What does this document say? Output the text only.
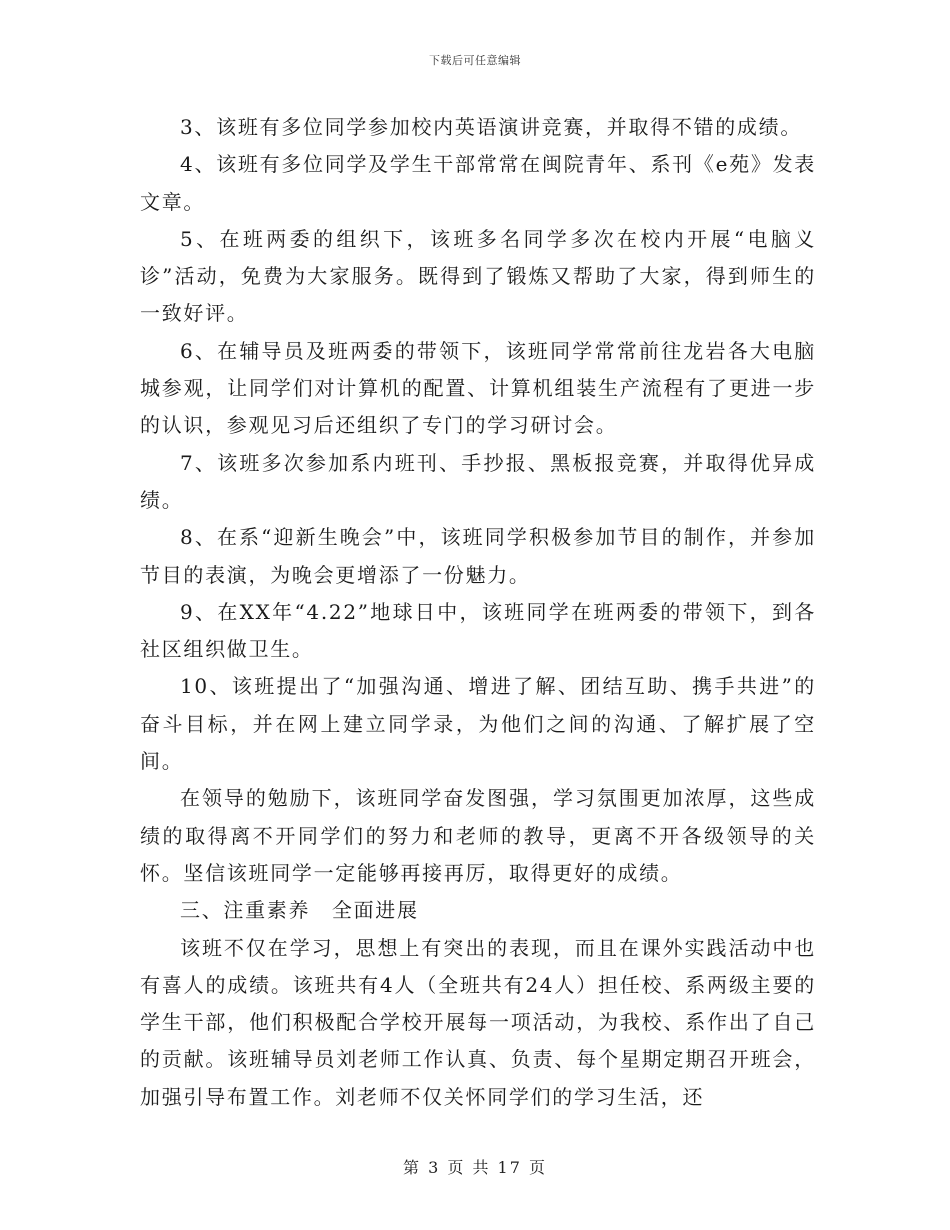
下载后可任意编辑

3、该班有多位同学参加校内英语演讲竞赛，并取得不错的成绩。

4、该班有多位同学及学生干部常常在闽院青年、系刊《e苑》发表文章。

5、在班两委的组织下，该班多名同学多次在校内开展“电脑义诊”活动，免费为大家服务。既得到了锻炼又帮助了大家，得到师生的一致好评。

6、在辅导员及班两委的带领下，该班同学常常前往龙岩各大电脑城参观，让同学们对计算机的配置、计算机组装生产流程有了更进一步的认识，参观见习后还组织了专门的学习研讨会。

7、该班多次参加系内班刊、手抄报、黑板报竞赛，并取得优异成绩。

8、在系“迎新生晚会”中，该班同学积极参加节目的制作，并参加节目的表演，为晚会更增添了一份魅力。

9、在XX年“4.22”地球日中，该班同学在班两委的带领下，到各社区组织做卫生。

10、该班提出了“加强沟通、增进了解、团结互助、携手共进”的奋斗目标，并在网上建立同学录，为他们之间的沟通、了解扩展了空间。

在领导的勉励下，该班同学奋发图强，学习氛围更加浓厚，这些成绩的取得离不开同学们的努力和老师的教导，更离不开各级领导的关怀。坚信该班同学一定能够再接再厉，取得更好的成绩。

三、注重素养　全面进展

该班不仅在学习，思想上有突出的表现，而且在课外实践活动中也有喜人的成绩。该班共有4人（全班共有24人）担任校、系两级主要的学生干部，他们积极配合学校开展每一项活动，为我校、系作出了自己的贡献。该班辅导员刘老师工作认真、负责、每个星期定期召开班会，加强引导布置工作。刘老师不仅关怀同学们的学习生活，还

第 3 页 共 17 页
